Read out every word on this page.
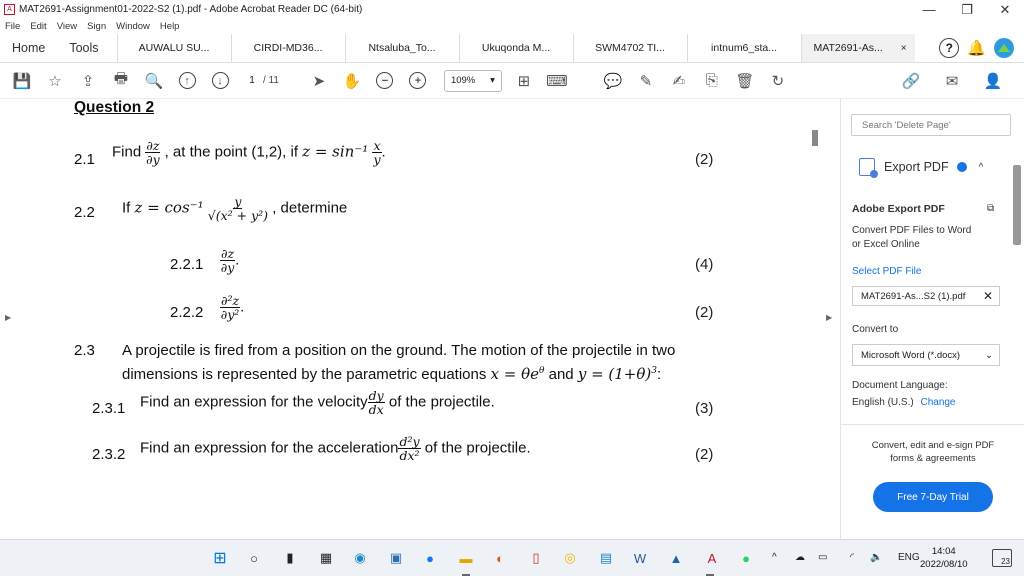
A MAT2691-Assignment01-2022-S2 (1).pdf - Adobe Acrobat Reader DC (64-bit)	—	❐	✕
File Edit View Sign Window Help
Home	Tools	AUWALU SU...	CIRDI-MD36...	Ntsaluba_To...	Ukuqonda M...	SWM4702 TI...	intnum6_sta...	MAT2691-As... ×	? 🔔
💾	☆	⇪	🖶	🔍	↑	↓	1 / 11	➤	✋	−	+	109% ▾	⊞	⌨ 💬	✎	✍	⎘	🗑	↻	🔗	✉	👤
Question 2
2.1 Find $\frac{\partial z}{\partial y}$ , at the point (1,2), if $z = \sin^{-1} \frac{x}{y}$ .	(2)
2.2 If $z = \cos^{-1} \frac{y}{\text{√(x² + y²)}}$ , determine
$2.2.1 \frac{\partial z}{\partial y}$ .	(4)
$2.2.2 \frac{\text{∂²z}}{\text{∂y²}}$ .	(2)
2.3 A projectile is fired from a position on the ground. The motion of the projectile in two
dimensions is represented by the parametric equations $x = \theta e^\theta$ and $y = (1+\theta)^3$:
2.3.1 Find an expression for the velocity $\frac{dy}{dx}$ of the projectile.	(3)
2.3.2 Find an expression for the acceleration $\frac{\text{d²y}}{\text{dx²}}$ of the projectile.	(2)
▶	▶
Search 'Delete Page'
Export PDF	^
Adobe Export PDF	⧉
Convert PDF Files to Word
or Excel Online
Select PDF File
MAT2691-As...S2 (1).pdf ✕
Convert to
Microsoft Word (*.docx)	⌄
Document Language:
English (U.S.) Change
Convert, edit and e-sign PDF
forms & agreements
Free 7-Day Trial
⊞	○	▮	▦	◉	▣	●	▬	◐	▯	◎	▤ W ▲	A	●	^ ☁ ▭ ◜ 🔈 ENG
14:04
2022/08/10	23
